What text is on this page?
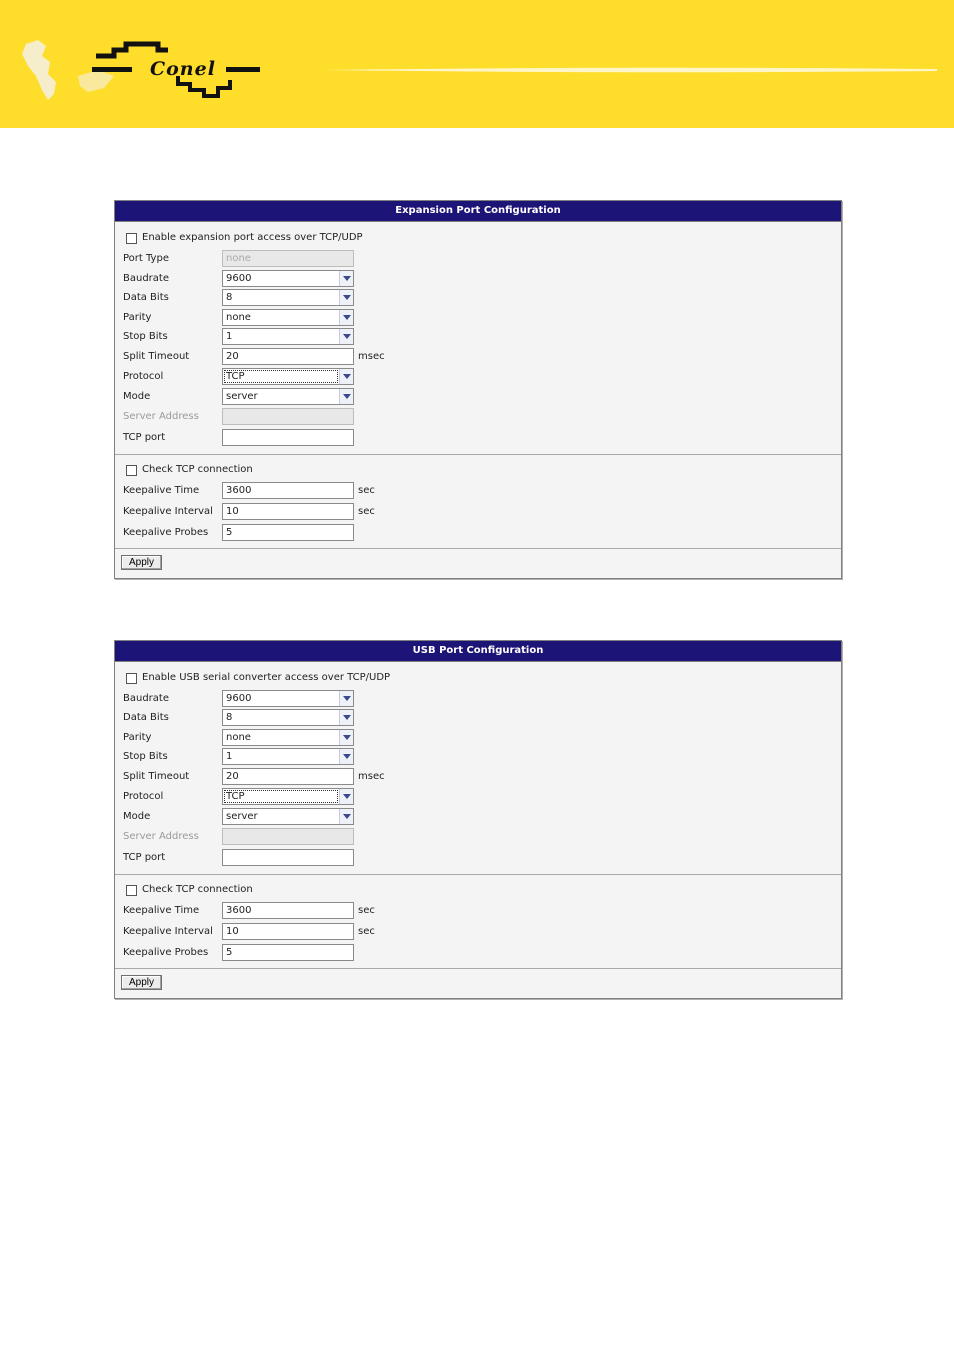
Conel
Expansion Port Configuration
Enable expansion port access over TCP/UDP
Port Type	none
Baudrate	9600
Data Bits	8
Parity	none
Stop Bits	1
Split Timeout	20	msec
Protocol	TCP
Mode	server
Server Address
TCP port
Check TCP connection
Keepalive Time	3600	sec
Keepalive Interval 10	sec
Keepalive Probes 5
Apply
USB Port Configuration
Enable USB serial converter access over TCP/UDP
Baudrate	9600
Data Bits	8
Parity	none
Stop Bits	1
Split Timeout	20	msec
Protocol	TCP
Mode	server
Server Address
TCP port
Check TCP connection
Keepalive Time	3600	sec
Keepalive Interval 10	sec
Keepalive Probes 5
Apply
